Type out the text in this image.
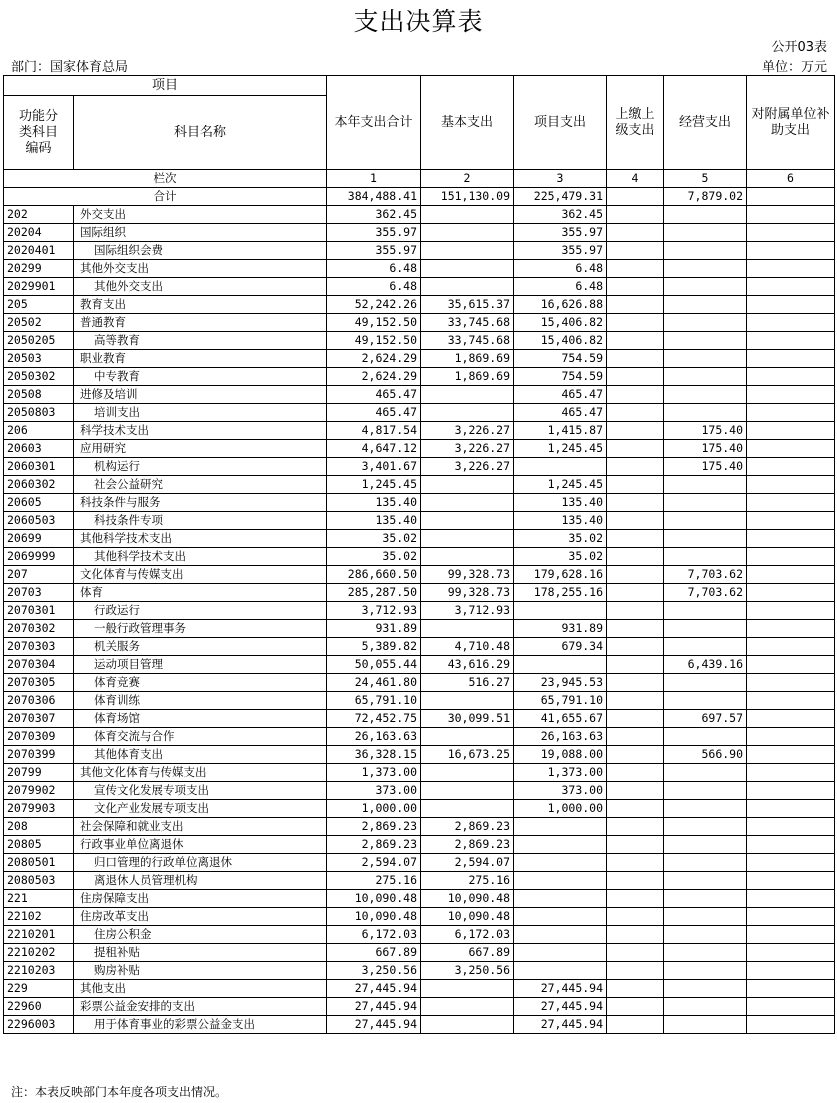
支出决算表
公开03表
部门：国家体育总局	单位：万元
项目		本年支出合计	基本支出	项目支出	上缴上级支出	经营支出	对附属单位补助支出
功能分类科目编码	科目名称						

栏次		1	2	3	4	5	6
合计		384,488.41	151,130.09	225,479.31		7,879.02	
202	外交支出	362.45		362.45			
20204	国际组织	355.97		355.97			
2020401	国际组织会费	355.97		355.97			
20299	其他外交支出	6.48		6.48			
2029901	其他外交支出	6.48		6.48			
205	教育支出	52,242.26	35,615.37	16,626.88			
20502	普通教育	49,152.50	33,745.68	15,406.82			
2050205	高等教育	49,152.50	33,745.68	15,406.82			
20503	职业教育	2,624.29	1,869.69	754.59			
2050302	中专教育	2,624.29	1,869.69	754.59			
20508	进修及培训	465.47		465.47			
2050803	培训支出	465.47		465.47			
206	科学技术支出	4,817.54	3,226.27	1,415.87		175.40	
20603	应用研究	4,647.12	3,226.27	1,245.45		175.40	
2060301	机构运行	3,401.67	3,226.27			175.40	
2060302	社会公益研究	1,245.45		1,245.45			
20605	科技条件与服务	135.40		135.40			
2060503	科技条件专项	135.40		135.40			
20699	其他科学技术支出	35.02		35.02			
2069999	其他科学技术支出	35.02		35.02			
207	文化体育与传媒支出	286,660.50	99,328.73	179,628.16		7,703.62	
20703	体育	285,287.50	99,328.73	178,255.16		7,703.62	
2070301	行政运行	3,712.93	3,712.93				
2070302	一般行政管理事务	931.89		931.89			
2070303	机关服务	5,389.82	4,710.48	679.34			
2070304	运动项目管理	50,055.44	43,616.29			6,439.16	
2070305	体育竞赛	24,461.80	516.27	23,945.53			
2070306	体育训练	65,791.10		65,791.10			
2070307	体育场馆	72,452.75	30,099.51	41,655.67		697.57	
2070309	体育交流与合作	26,163.63		26,163.63			
2070399	其他体育支出	36,328.15	16,673.25	19,088.00		566.90	
20799	其他文化体育与传媒支出	1,373.00		1,373.00			
2079902	宣传文化发展专项支出	373.00		373.00			
2079903	文化产业发展专项支出	1,000.00		1,000.00			
208	社会保障和就业支出	2,869.23	2,869.23				
20805	行政事业单位离退休	2,869.23	2,869.23				
2080501	归口管理的行政单位离退休	2,594.07	2,594.07				
2080503	离退休人员管理机构	275.16	275.16				
221	住房保障支出	10,090.48	10,090.48				
22102	住房改革支出	10,090.48	10,090.48				
2210201	住房公积金	6,172.03	6,172.03				
2210202	提租补贴	667.89	667.89				
2210203	购房补贴	3,250.56	3,250.56				
229	其他支出	27,445.94		27,445.94			
22960	彩票公益金安排的支出	27,445.94		27,445.94			
2296003	用于体育事业的彩票公益金支出	27,445.94		27,445.94			
注：本表反映部门本年度各项支出情况。
